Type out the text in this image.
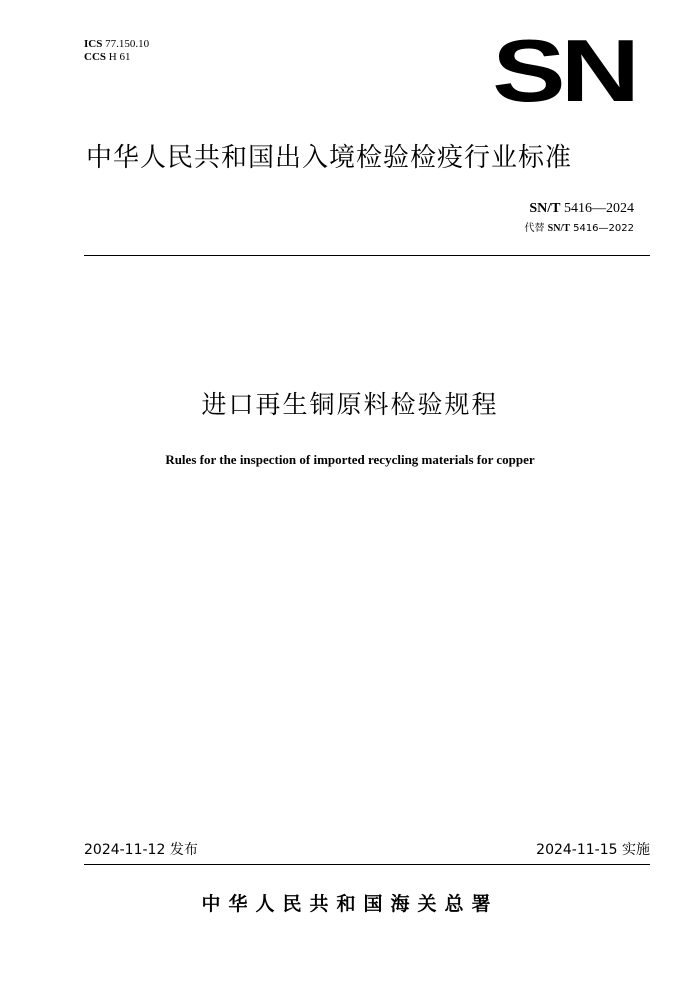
ICS 77.150.10
CCS H 61	SN
中华人民共和国出入境检验检疫行业标准
SN/T 5416—2024
代替 SN/T 5416—2022
进口再生铜原料检验规程
Rules for the inspection of imported recycling materials for copper
2024-11-12 发布	2024-11-15 实施
中华人民共和国海关总署
